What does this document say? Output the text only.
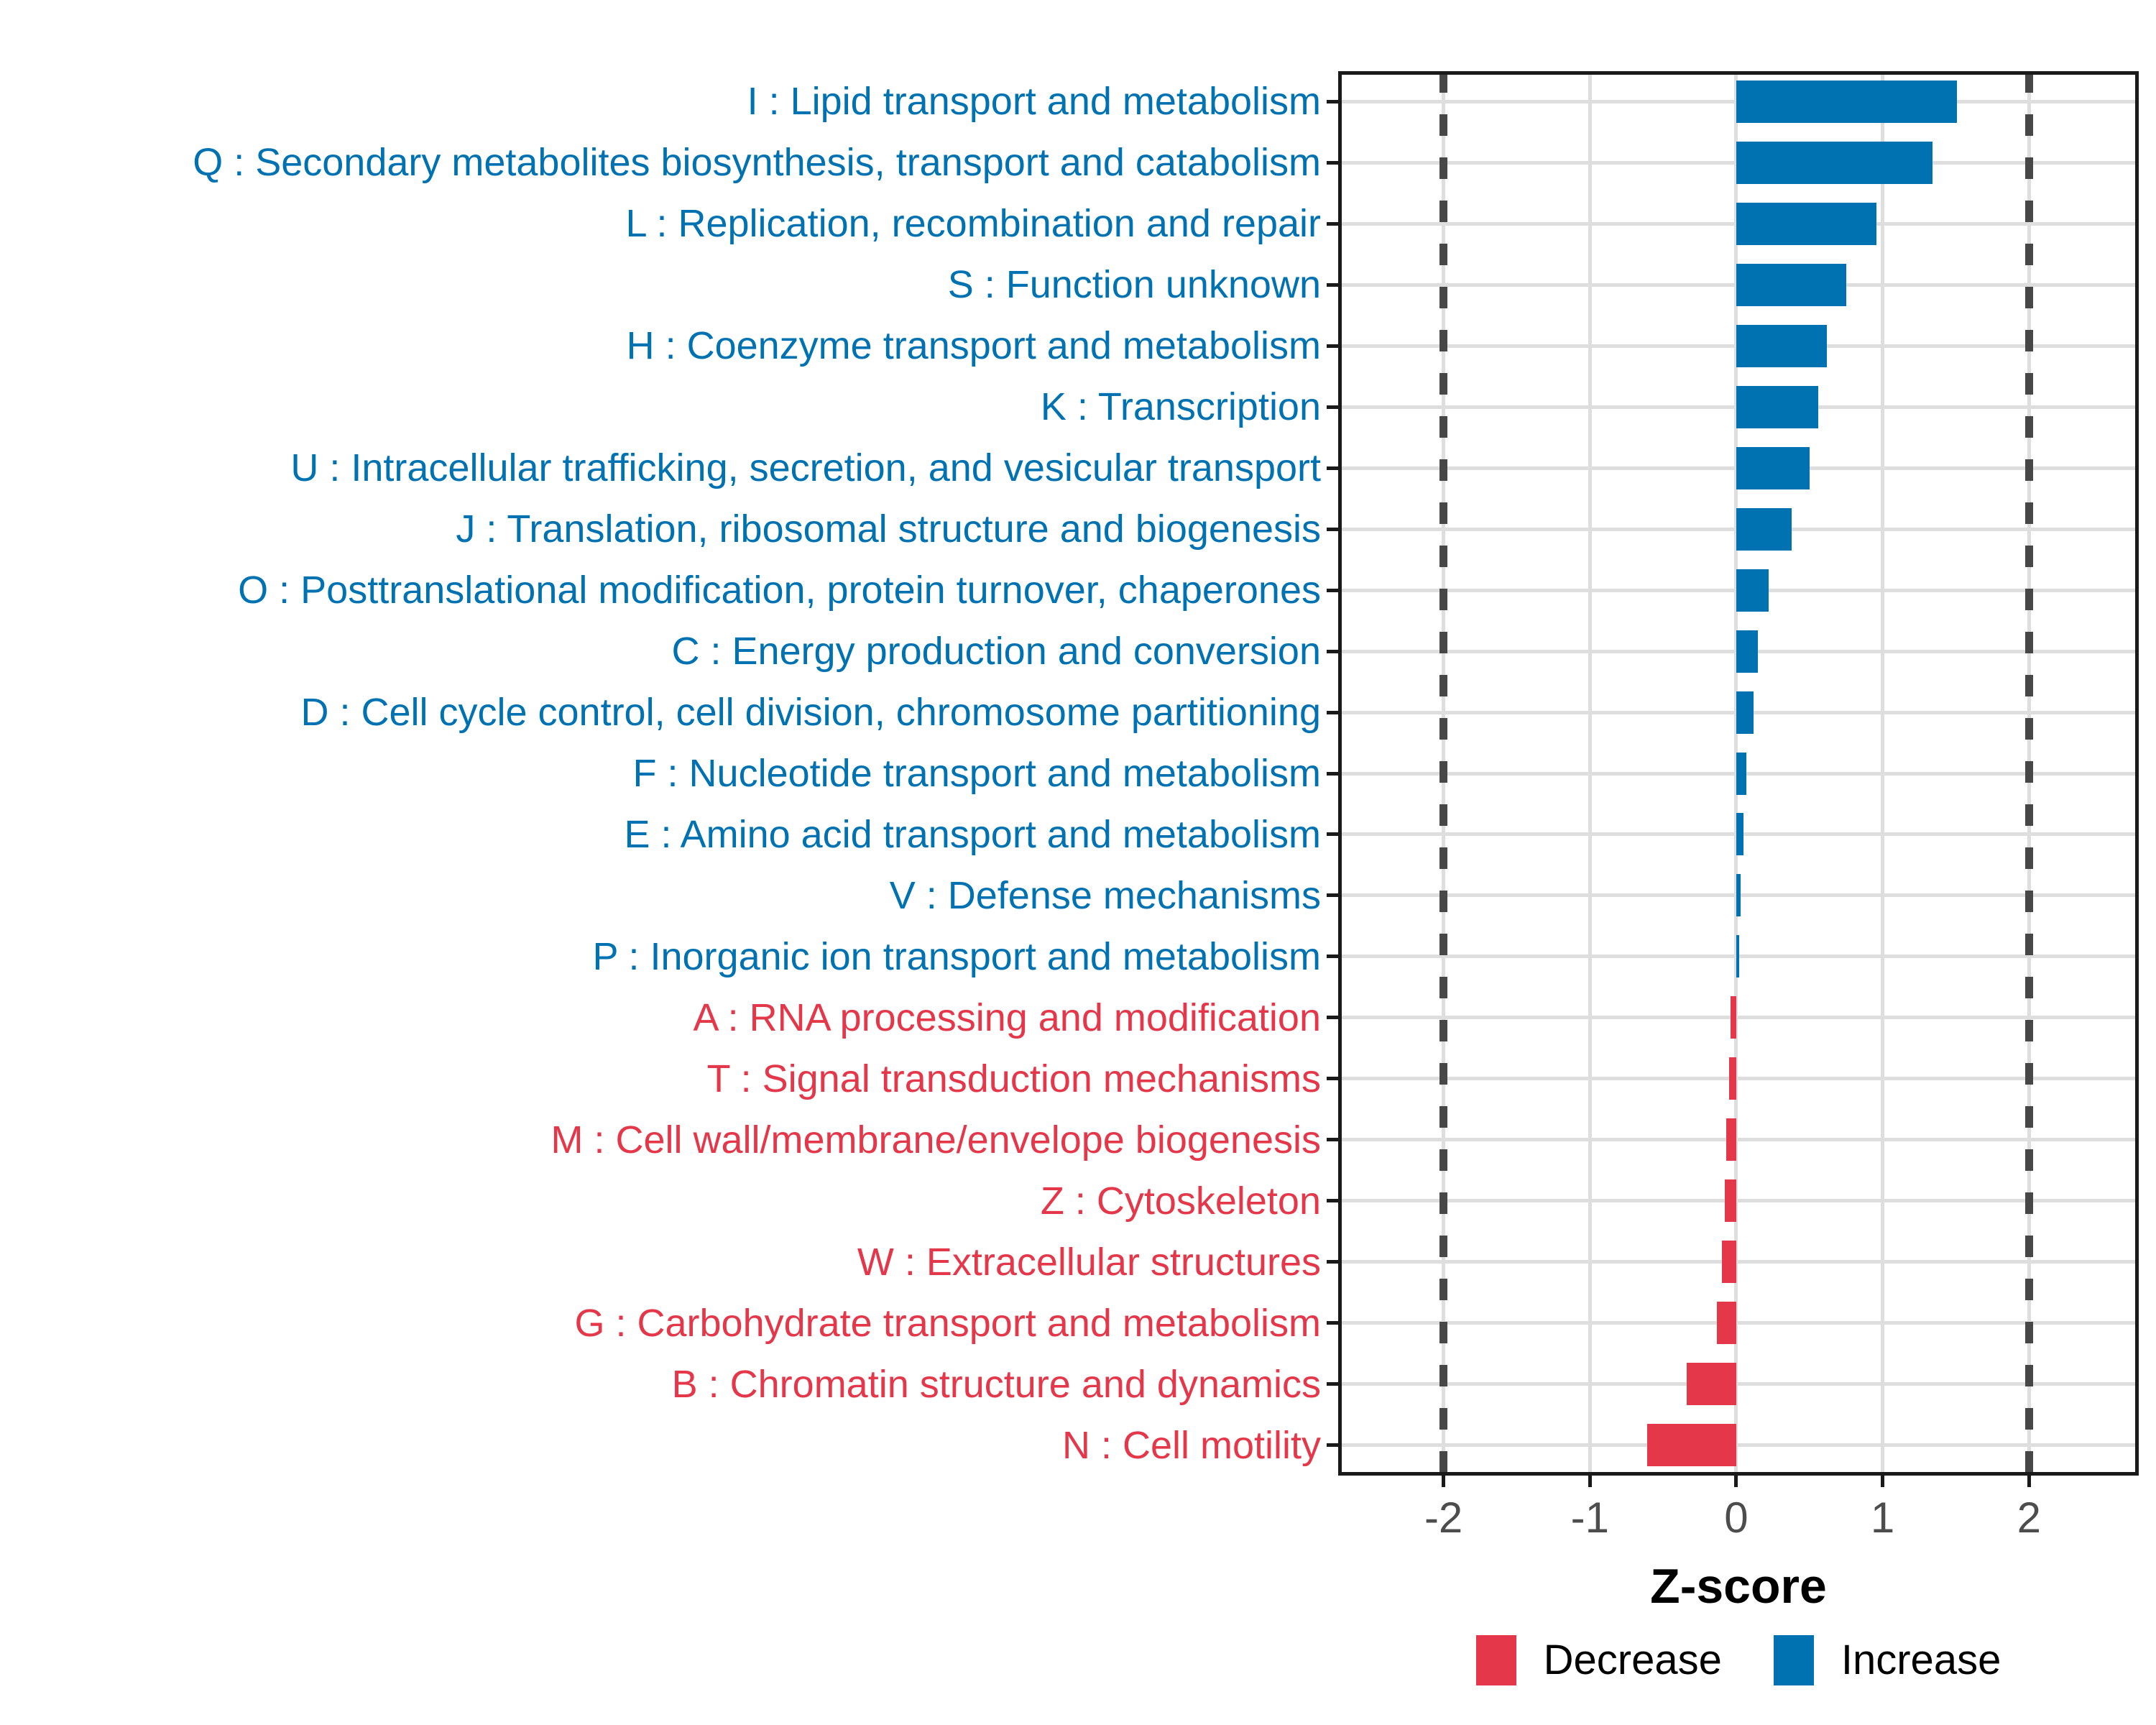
I : Lipid transport and metabolism
Q : Secondary metabolites biosynthesis, transport and catabolism
L : Replication, recombination and repair
S : Function unknown
H : Coenzyme transport and metabolism
K : Transcription
U : Intracellular trafficking, secretion, and vesicular transport
J : Translation, ribosomal structure and biogenesis
O : Posttranslational modification, protein turnover, chaperones
C : Energy production and conversion
D : Cell cycle control, cell division, chromosome partitioning
F : Nucleotide transport and metabolism
E : Amino acid transport and metabolism
V : Defense mechanisms
P : Inorganic ion transport and metabolism
A : RNA processing and modification
T : Signal transduction mechanisms
M : Cell wall/membrane/envelope biogenesis
Z : Cytoskeleton
W : Extracellular structures
G : Carbohydrate transport and metabolism
B : Chromatin structure and dynamics
N : Cell motility
-2	-1	0	1	2
Z-score
Decrease	Increase
